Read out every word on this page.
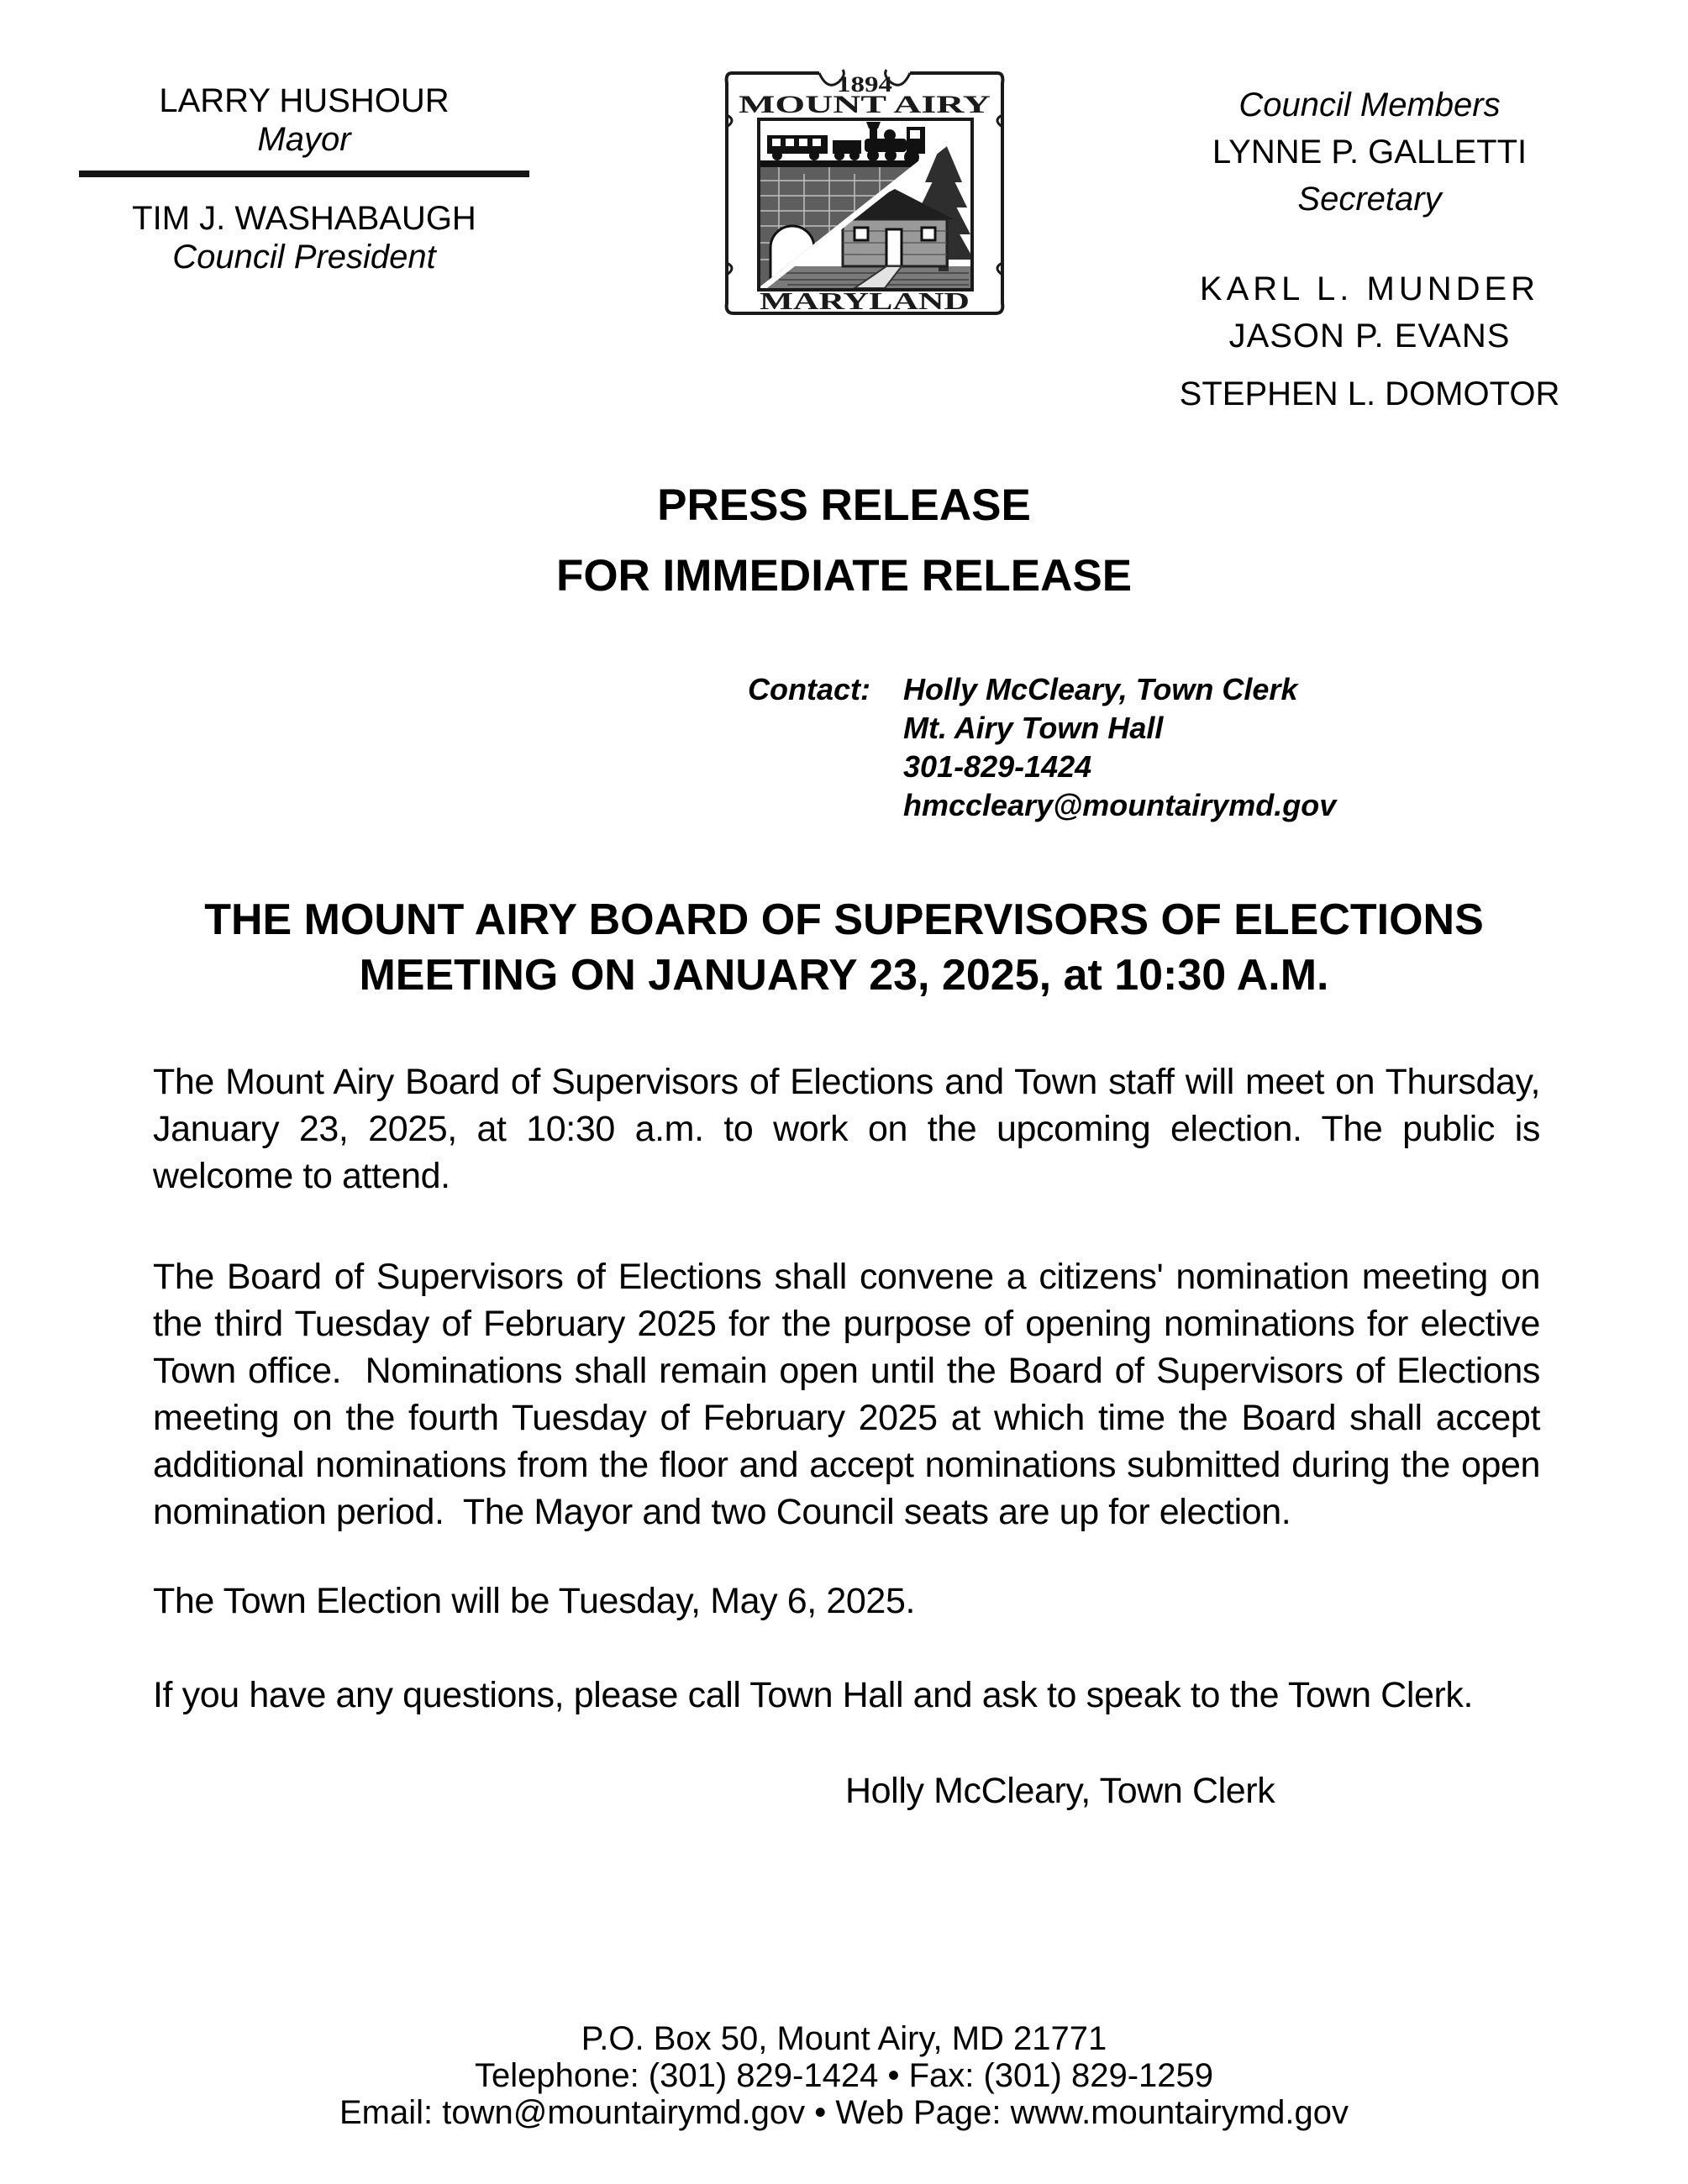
LARRY HUSHOUR
Mayor
TIM J. WASHABAUGH
Council President
1894
MOUNT AIRY
MARYLAND
Council Members
LYNNE P. GALLETTI
Secretary
KARL L. MUNDER
JASON P. EVANS
STEPHEN L. DOMOTOR
PRESS RELEASE
FOR IMMEDIATE RELEASE
Contact:	Holly McCleary, Town Clerk
Mt. Airy Town Hall
301-829-1424
hmccleary@mountairymd.gov
THE MOUNT AIRY BOARD OF SUPERVISORS OF ELECTIONS
MEETING ON JANUARY 23, 2025, at 10:30 A.M.
The Mount Airy Board of Supervisors of Elections and Town staff will meet on Thursday, January 23, 2025, at 10:30 a.m. to work on the upcoming election. The public is welcome to attend.
The Board of Supervisors of Elections shall convene a citizens' nomination meeting on the third Tuesday of February 2025 for the purpose of opening nominations for elective Town office.  Nominations shall remain open until the Board of Supervisors of Elections meeting on the fourth Tuesday of February 2025 at which time the Board shall accept additional nominations from the floor and accept nominations submitted during the open nomination period.  The Mayor and two Council seats are up for election.
The Town Election will be Tuesday, May 6, 2025.
If you have any questions, please call Town Hall and ask to speak to the Town Clerk.
Holly McCleary, Town Clerk
P.O. Box 50, Mount Airy, MD 21771
Telephone: (301) 829-1424 • Fax: (301) 829-1259
Email: town@mountairymd.gov • Web Page: www.mountairymd.gov
